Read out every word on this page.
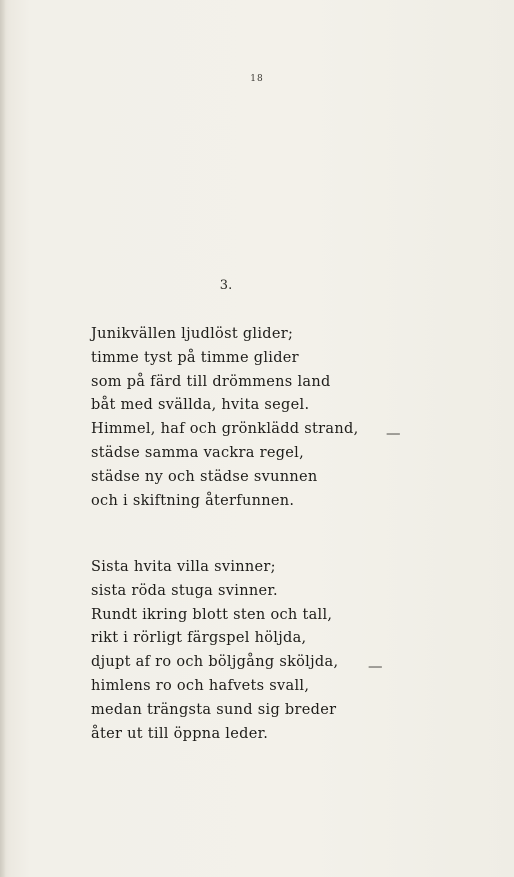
18
3.
Junikvällen ljudlöst glider;
timme tyst på timme glider
som på färd till drömmens land
båt med svällda, hvita segel.
Himmel, haf och grönklädd strand,
städse samma vackra regel,
städse ny och städse svunnen
och i skiftning återfunnen.
—
Sista hvita villa svinner;
sista röda stuga svinner.
Rundt ikring blott sten och tall,
rikt i rörligt färgspel höljda,
djupt af ro och böljgång sköljda,
himlens ro och hafvets svall,
medan trängsta sund sig breder
åter ut till öppna leder.
—
